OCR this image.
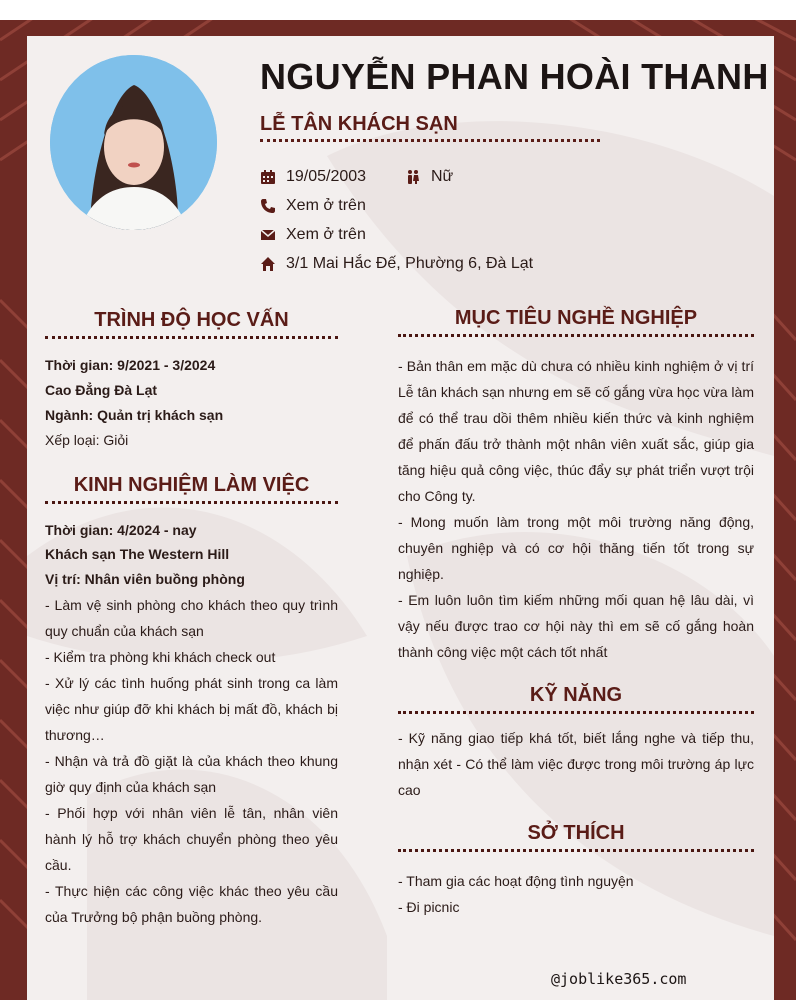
NGUYỄN PHAN HOÀI THANH
LỄ TÂN KHÁCH SẠN
19/05/2003	Nữ
Xem ở trên
Xem ở trên
3/1 Mai Hắc Đế, Phường 6, Đà Lạt
TRÌNH ĐỘ HỌC VẤN

Thời gian: 9/2021 - 3/2024

Cao Đẳng Đà Lạt

Ngành: Quản trị khách sạn

Xếp loại: Giỏi

KINH NGHIỆM LÀM VIỆC

Thời gian: 4/2024 - nay

Khách sạn The Western Hill

Vị trí: Nhân viên buồng phòng

- Làm vệ sinh phòng cho khách theo quy trình quy chuẩn của khách sạn

- Kiểm tra phòng khi khách check out

- Xử lý các tình huống phát sinh trong ca làm việc như giúp đỡ khi khách bị mất đồ, khách bị thương…

- Nhận và trả đồ giặt là của khách theo khung giờ quy định của khách sạn

- Phối hợp với nhân viên lễ tân, nhân viên hành lý hỗ trợ khách chuyển phòng theo yêu cầu.

- Thực hiện các công việc khác theo yêu cầu của Trưởng bộ phận buồng phòng.

MỤC TIÊU NGHỀ NGHIỆP

- Bản thân em mặc dù chưa có nhiều kinh nghiệm ở vị trí Lễ tân khách sạn nhưng em sẽ cố gắng vừa học vừa làm để có thể trau dồi thêm nhiều kiến thức và kinh nghiệm để phấn đấu trở thành một nhân viên xuất sắc, giúp gia tăng hiệu quả công việc, thúc đẩy sự phát triển vượt trội cho Công ty.

- Mong muốn làm trong một môi trường năng động, chuyên nghiệp và có cơ hội thăng tiến tốt trong sự nghiệp.

- Em luôn luôn tìm kiếm những mối quan hệ lâu dài, vì vậy nếu được trao cơ hội này thì em sẽ cố gắng hoàn thành công việc một cách tốt nhất

KỸ NĂNG

- Kỹ năng giao tiếp khá tốt, biết lắng nghe và tiếp thu, nhận xét - Có thể làm việc được trong môi trường áp lực cao

SỞ THÍCH

- Tham gia các hoạt động tình nguyện

- Đi picnic

@joblike365.com
